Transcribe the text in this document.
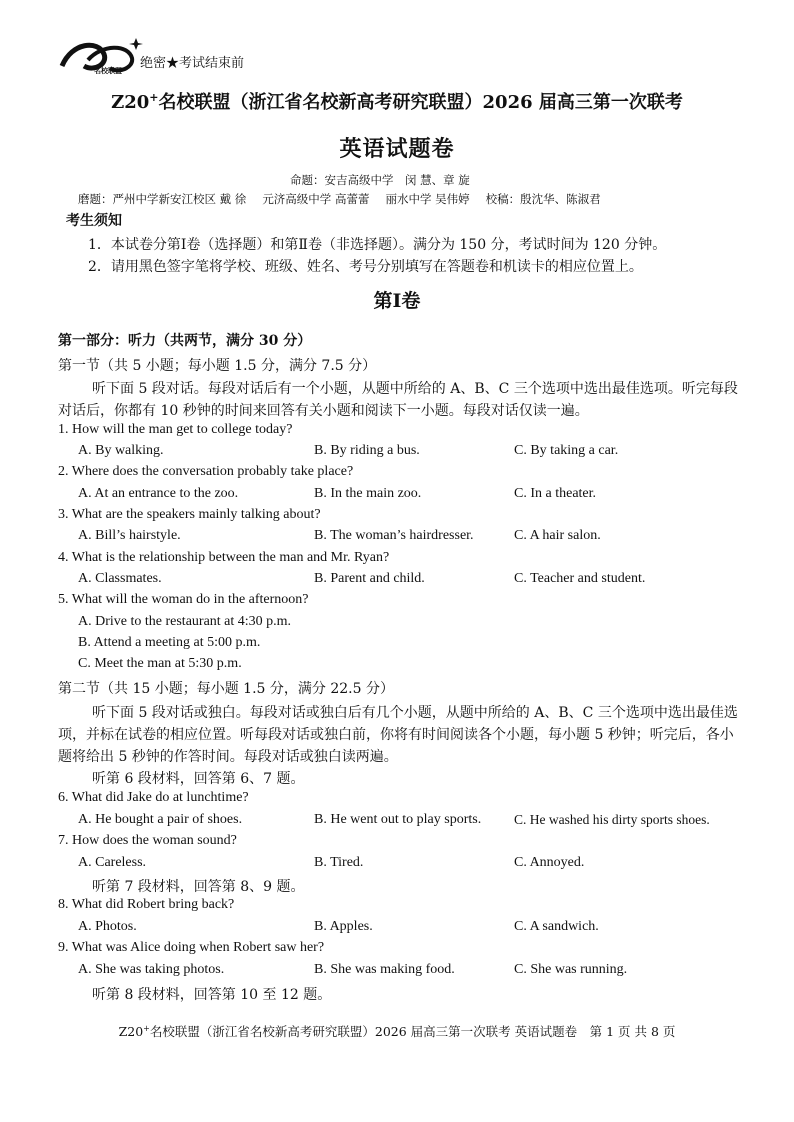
名校联盟 绝密★考试结束前
Z20+名校联盟（浙江省名校新高考研究联盟）2026 届高三第一次联考
英语试题卷
命题：安吉高级中学　闵 慧、章 旋
磨题：严州中学新安江校区 戴 徐 元济高级中学 高蕾蕾 丽水中学 吴伟婷 校稿：殷沈华、陈淑君
考生须知
1．本试卷分第Ⅰ卷（选择题）和第Ⅱ卷（非选择题）。满分为 150 分，考试时间为 120 分钟。
2．请用黑色签字笔将学校、班级、姓名、考号分别填写在答题卷和机读卡的相应位置上。
第Ⅰ卷
第一部分：听力（共两节，满分 30 分）
第一节（共 5 小题；每小题 1.5 分，满分 7.5 分）
听下面 5 段对话。每段对话后有一个小题，从题中所给的 A、B、C 三个选项中选出最佳选项。听完每段对话后，你都有 10 秒钟的时间来回答有关小题和阅读下一小题。每段对话仅读一遍。
1. How will the man get to college today?
A. By walking.	B. By riding a bus.	C. By taking a car.
2. Where does the conversation probably take place?
A. At an entrance to the zoo.	B. In the main zoo.	C. In a theater.
3. What are the speakers mainly talking about?
A. Bill’s hairstyle.	B. The woman’s hairdresser.	C. A hair salon.
4. What is the relationship between the man and Mr. Ryan?
A. Classmates.	B. Parent and child.	C. Teacher and student.
5. What will the woman do in the afternoon?
A. Drive to the restaurant at 4:30 p.m.
B. Attend a meeting at 5:00 p.m.
C. Meet the man at 5:30 p.m.
第二节（共 15 小题；每小题 1.5 分，满分 22.5 分）
听下面 5 段对话或独白。每段对话或独白后有几个小题，从题中所给的 A、B、C 三个选项中选出最佳选项，并标在试卷的相应位置。听每段对话或独白前，你将有时间阅读各个小题，每小题 5 秒钟；听完后，各小题将给出 5 秒钟的作答时间。每段对话或独白读两遍。
听第 6 段材料，回答第 6、7 题。
6. What did Jake do at lunchtime?
A. He bought a pair of shoes.	B. He went out to play sports. C. He washed his dirty sports shoes.
7. How does the woman sound?
A. Careless.	B. Tired.	C. Annoyed.
听第 7 段材料，回答第 8、9 题。
8. What did Robert bring back?
A. Photos.	B. Apples.	C. A sandwich.
9. What was Alice doing when Robert saw her?
A. She was taking photos.	B. She was making food.	C. She was running.
听第 8 段材料，回答第 10 至 12 题。
Z20+名校联盟（浙江省名校新高考研究联盟）2026 届高三第一次联考 英语试题卷　第 1 页 共 8 页
